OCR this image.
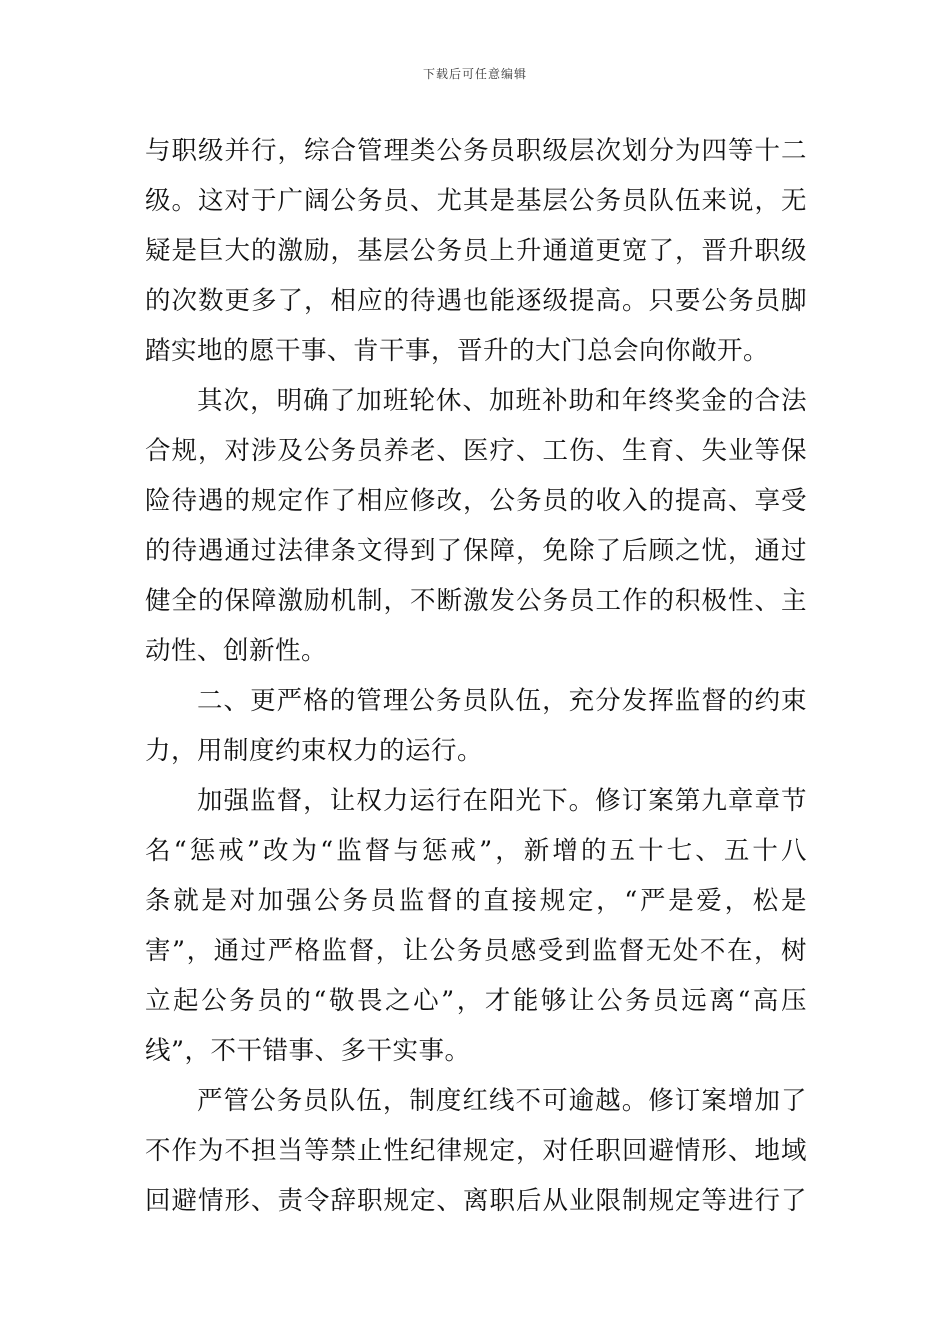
下载后可任意编辑
与职级并行，综合管理类公务员职级层次划分为四等十二
级。这对于广阔公务员、尤其是基层公务员队伍来说，无
疑是巨大的激励，基层公务员上升通道更宽了，晋升职级
的次数更多了，相应的待遇也能逐级提高。只要公务员脚
踏实地的愿干事、肯干事，晋升的大门总会向你敞开。
其次，明确了加班轮休、加班补助和年终奖金的合法
合规，对涉及公务员养老、医疗、工伤、生育、失业等保
险待遇的规定作了相应修改，公务员的收入的提高、享受
的待遇通过法律条文得到了保障，免除了后顾之忧，通过
健全的保障激励机制，不断激发公务员工作的积极性、主
动性、创新性。
二、更严格的管理公务员队伍，充分发挥监督的约束
力，用制度约束权力的运行。
加强监督，让权力运行在阳光下。修订案第九章章节
名“惩戒”改为“监督与惩戒”，新增的五十七、五十八
条就是对加强公务员监督的直接规定，“严是爱，松是
害”，通过严格监督，让公务员感受到监督无处不在，树
立起公务员的“敬畏之心”，才能够让公务员远离“高压
线”，不干错事、多干实事。
严管公务员队伍，制度红线不可逾越。修订案增加了
不作为不担当等禁止性纪律规定，对任职回避情形、地域
回避情形、责令辞职规定、离职后从业限制规定等进行了
